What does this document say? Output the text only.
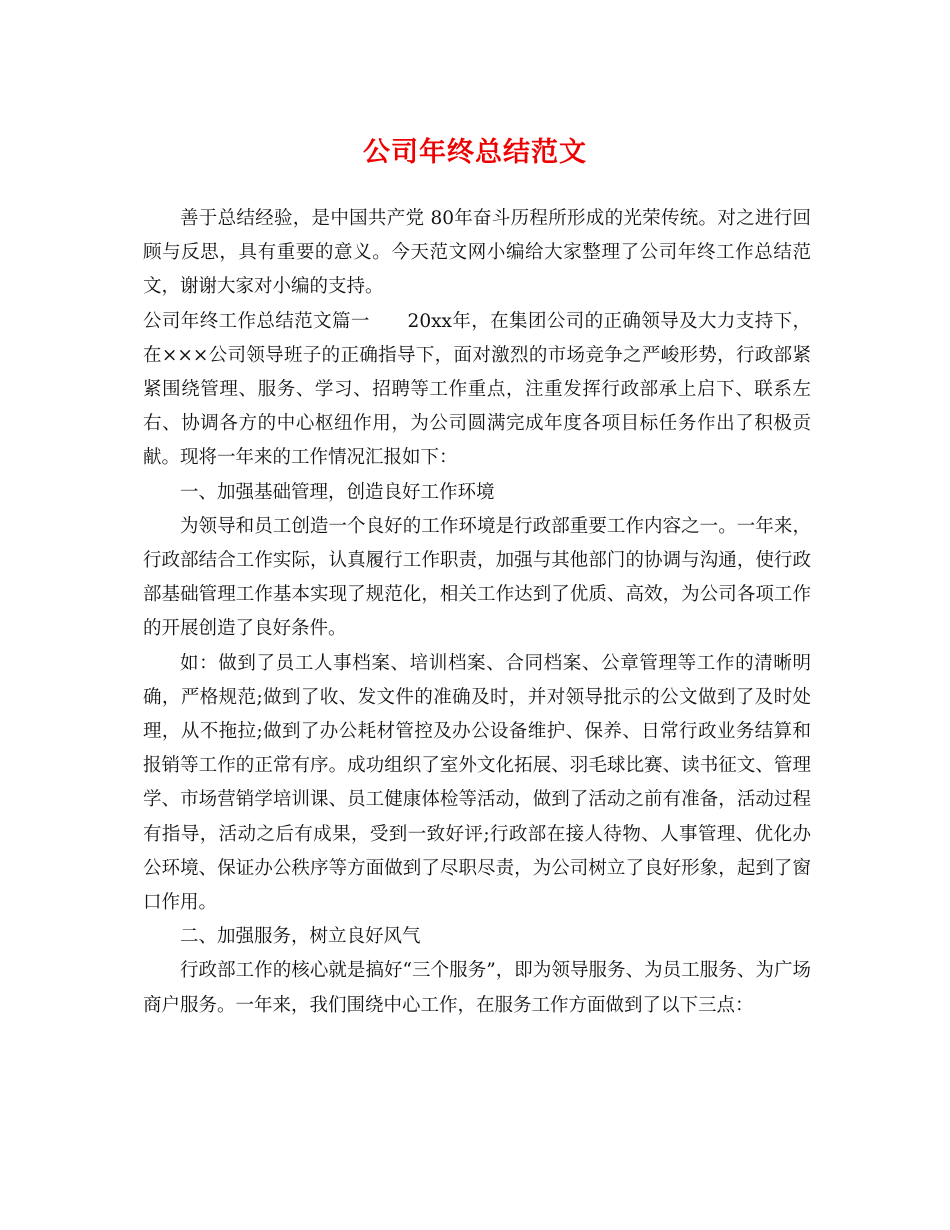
公司年终总结范文

善于总结经验，是中国共产党 80年奋斗历程所形成的光荣传统。对之进行回顾与反思，具有重要的意义。今天范文网小编给大家整理了公司年终工作总结范文，谢谢大家对小编的支持。

公司年终工作总结范文篇一　　20xx年，在集团公司的正确领导及大力支持下，在×××公司领导班子的正确指导下，面对激烈的市场竞争之严峻形势，行政部紧紧围绕管理、服务、学习、招聘等工作重点，注重发挥行政部承上启下、联系左右、协调各方的中心枢纽作用，为公司圆满完成年度各项目标任务作出了积极贡献。现将一年来的工作情况汇报如下：

一、加强基础管理，创造良好工作环境

为领导和员工创造一个良好的工作环境是行政部重要工作内容之一。一年来，行政部结合工作实际，认真履行工作职责，加强与其他部门的协调与沟通，使行政部基础管理工作基本实现了规范化，相关工作达到了优质、高效，为公司各项工作的开展创造了良好条件。

如：做到了员工人事档案、培训档案、合同档案、公章管理等工作的清晰明确，严格规范;做到了收、发文件的准确及时，并对领导批示的公文做到了及时处理，从不拖拉;做到了办公耗材管控及办公设备维护、保养、日常行政业务结算和报销等工作的正常有序。成功组织了室外文化拓展、羽毛球比赛、读书征文、管理学、市场营销学培训课、员工健康体检等活动，做到了活动之前有准备，活动过程有指导，活动之后有成果，受到一致好评;行政部在接人待物、人事管理、优化办公环境、保证办公秩序等方面做到了尽职尽责，为公司树立了良好形象，起到了窗口作用。

二、加强服务，树立良好风气

行政部工作的核心就是搞好“三个服务”，即为领导服务、为员工服务、为广场商户服务。一年来，我们围绕中心工作，在服务工作方面做到了以下三点：
